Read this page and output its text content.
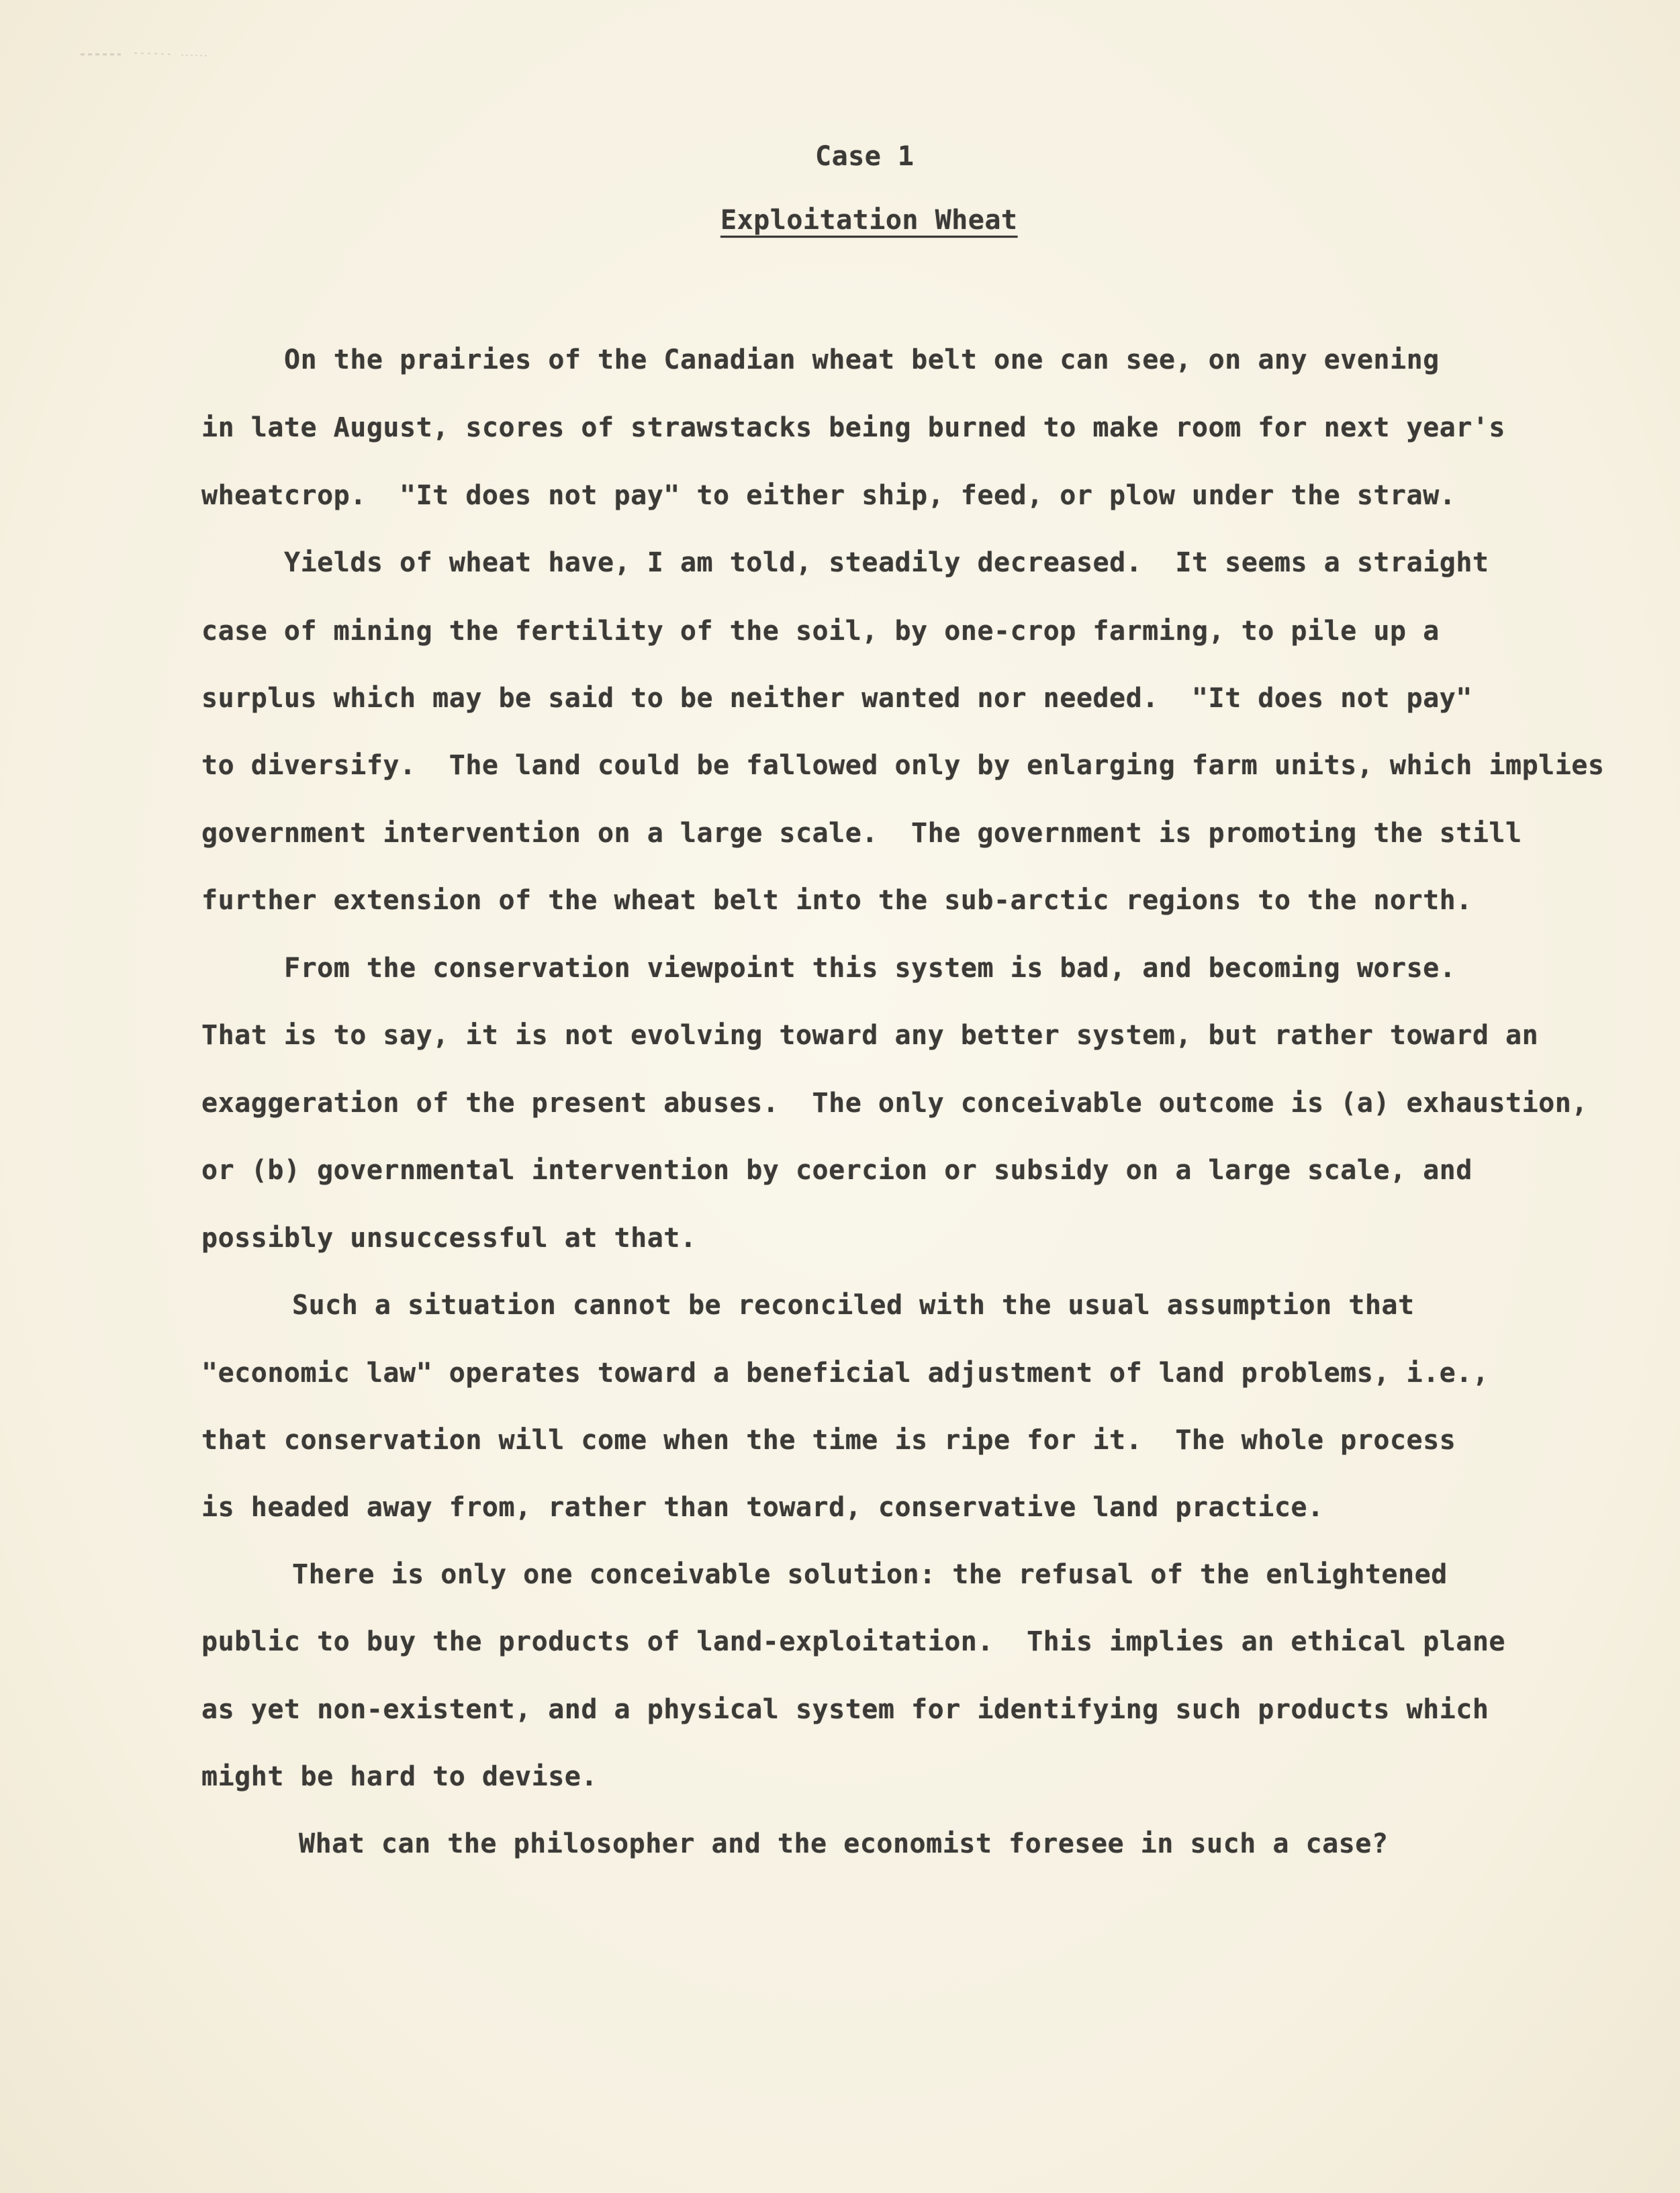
Case 1

Exploitation Wheat

On the prairies of the Canadian wheat belt one can see, on any evening

in late August, scores of strawstacks being burned to make room for next year's

wheatcrop.  "It does not pay" to either ship, feed, or plow under the straw.

Yields of wheat have, I am told, steadily decreased.  It seems a straight

case of mining the fertility of the soil, by one-crop farming, to pile up a

surplus which may be said to be neither wanted nor needed.  "It does not pay"

to diversify.  The land could be fallowed only by enlarging farm units, which implies

government intervention on a large scale.  The government is promoting the still

further extension of the wheat belt into the sub-arctic regions to the north.

From the conservation viewpoint this system is bad, and becoming worse.

That is to say, it is not evolving toward any better system, but rather toward an

exaggeration of the present abuses.  The only conceivable outcome is (a) exhaustion,

or (b) governmental intervention by coercion or subsidy on a large scale, and

possibly unsuccessful at that.

Such a situation cannot be reconciled with the usual assumption that

"economic law" operates toward a beneficial adjustment of land problems, i.e.,

that conservation will come when the time is ripe for it.  The whole process

is headed away from, rather than toward, conservative land practice.

There is only one conceivable solution: the refusal of the enlightened

public to buy the products of land-exploitation.  This implies an ethical plane

as yet non-existent, and a physical system for identifying such products which

might be hard to devise.

What can the philosopher and the economist foresee in such a case?
